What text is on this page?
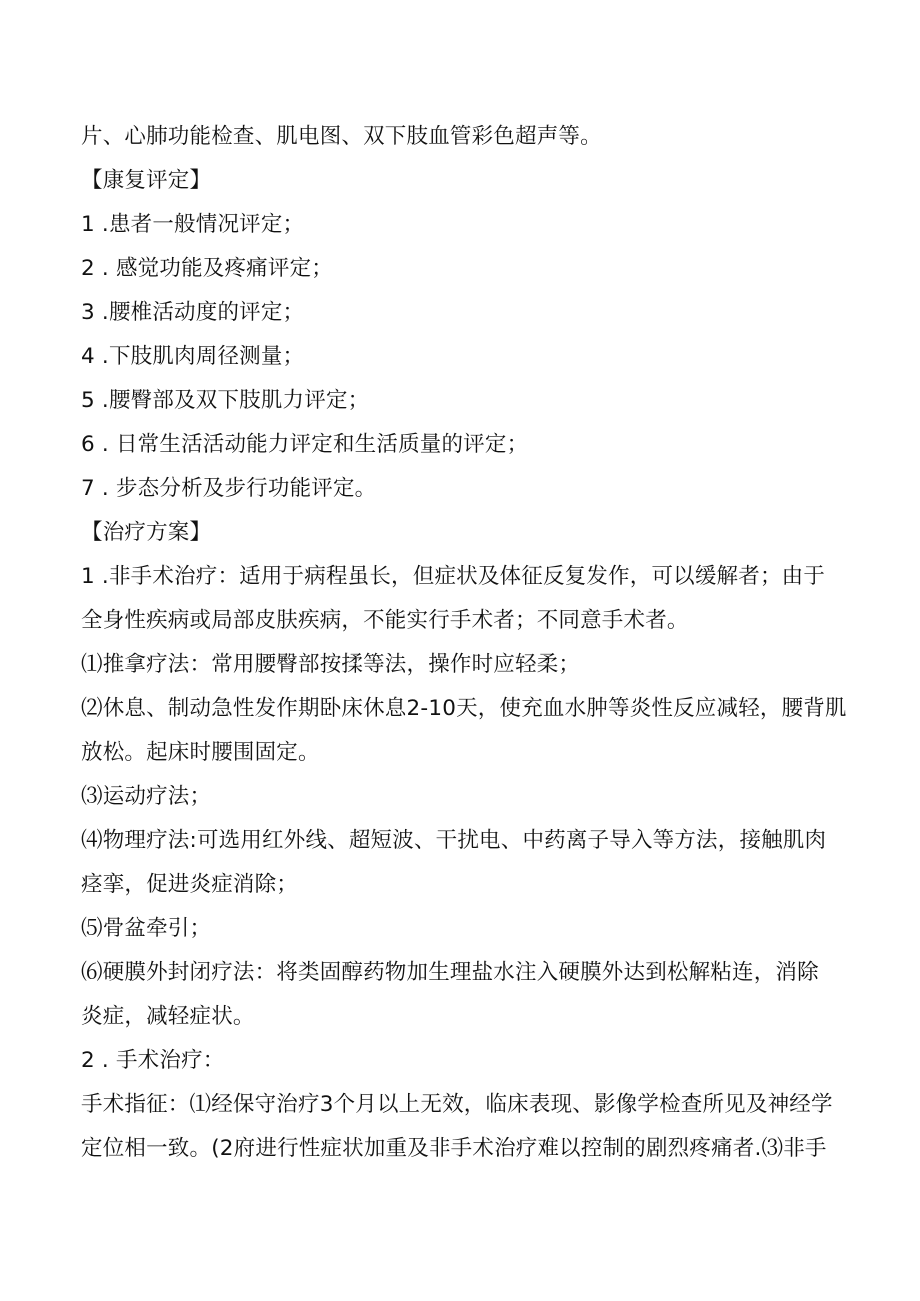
片、心肺功能检查、肌电图、双下肢血管彩色超声等。
【康复评定】
1 .患者一般情况评定；
2 . 感觉功能及疼痛评定；
3 .腰椎活动度的评定；
4 .下肢肌肉周径测量；
5 .腰臀部及双下肢肌力评定；
6 . 日常生活活动能力评定和生活质量的评定；
7 . 步态分析及步行功能评定。
【治疗方案】
1 .非手术治疗：适用于病程虽长，但症状及体征反复发作，可以缓解者；由于
全身性疾病或局部皮肤疾病，不能实行手术者；不同意手术者。
⑴推拿疗法：常用腰臀部按揉等法，操作时应轻柔；
⑵休息、制动急性发作期卧床休息2-10天，使充血水肿等炎性反应减轻，腰背肌
放松。起床时腰围固定。
⑶运动疗法；
⑷物理疗法:可选用红外线、超短波、干扰电、中药离子导入等方法，接触肌肉
痉挛，促进炎症消除；
⑸骨盆牵引；
⑹硬膜外封闭疗法：将类固醇药物加生理盐水注入硬膜外达到松解粘连，消除
炎症，减轻症状。
2 . 手术治疗：
手术指征：⑴经保守治疗3个月以上无效，临床表现、影像学检查所见及神经学
定位相一致。(2府进行性症状加重及非手术治疗难以控制的剧烈疼痛者.⑶非手
